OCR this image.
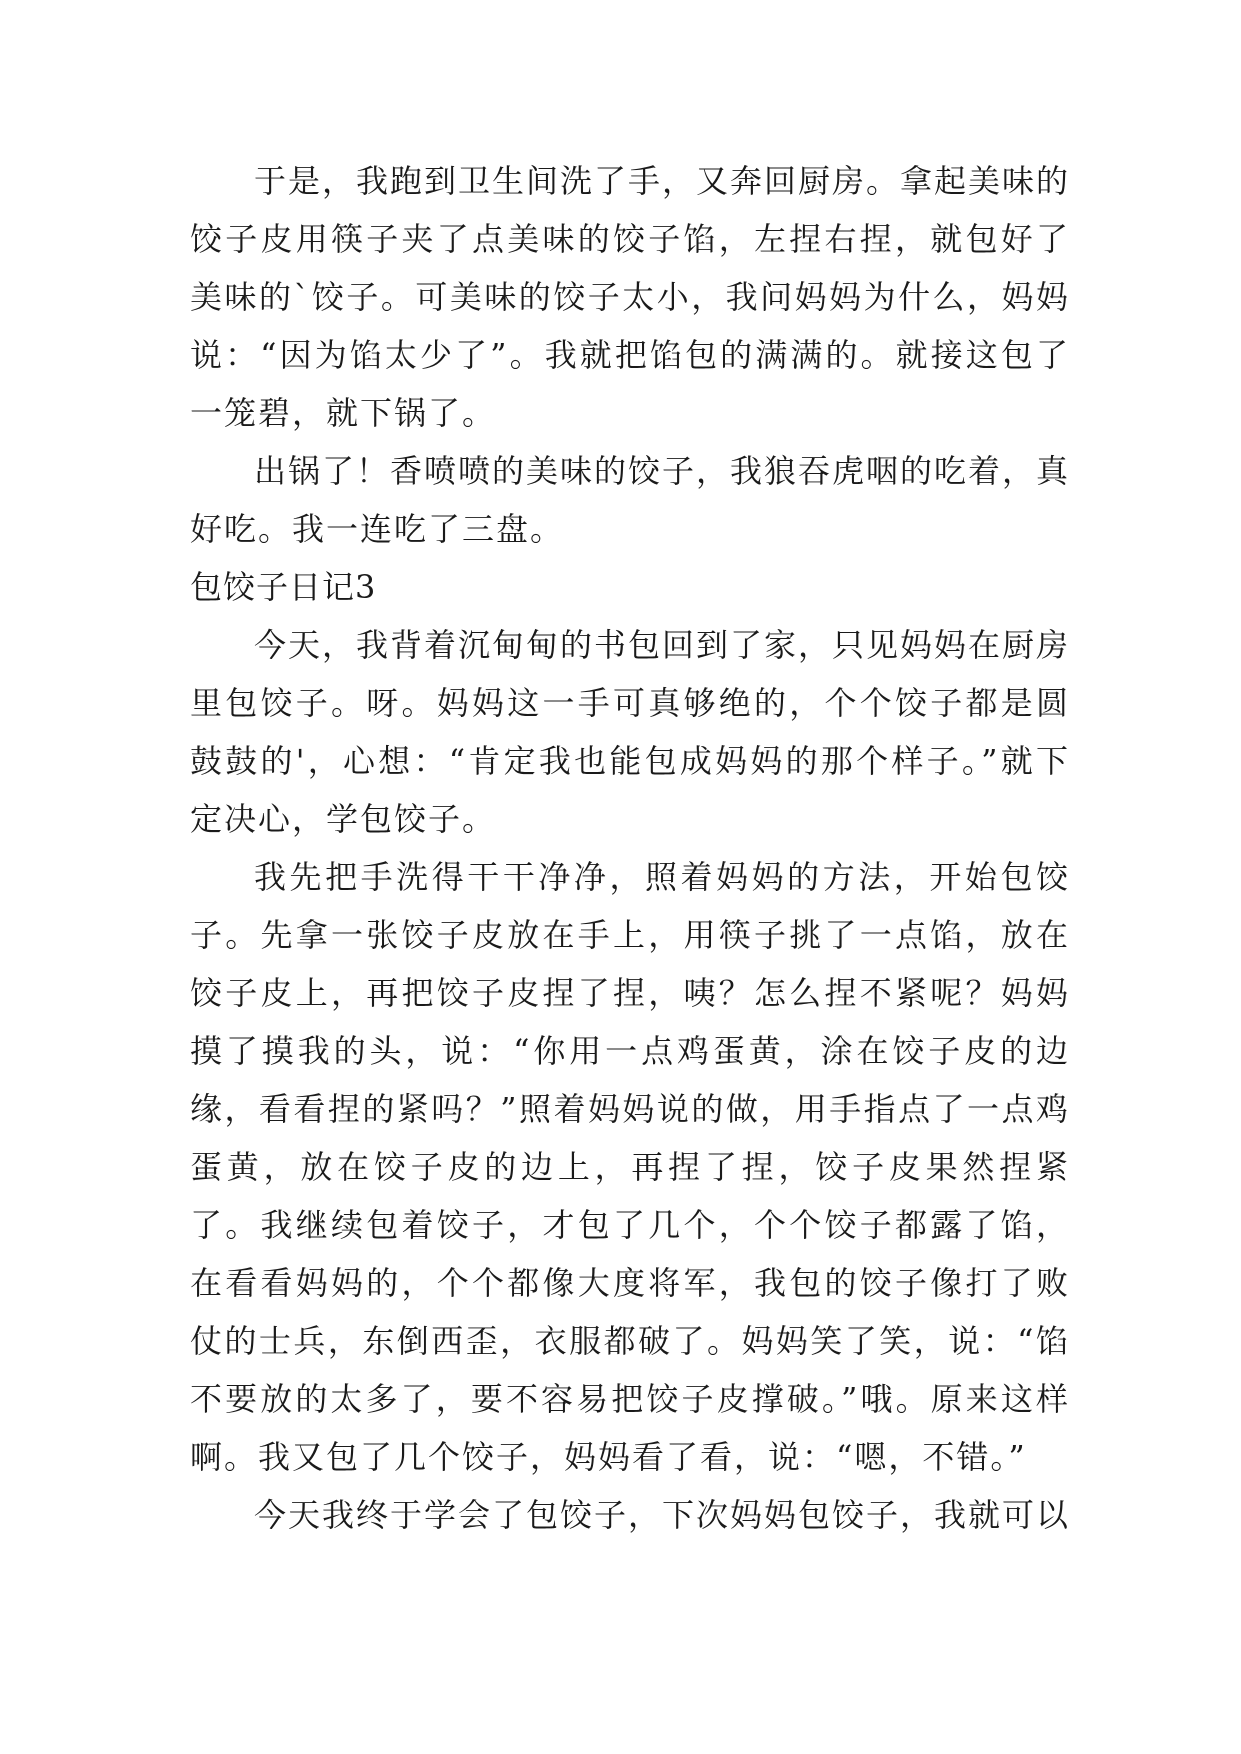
于是，我跑到卫生间洗了手，又奔回厨房。拿起美味的饺子皮用筷子夹了点美味的饺子馅，左捏右捏，就包好了美味的`饺子。可美味的饺子太小，我问妈妈为什么，妈妈说：“因为馅太少了”。我就把馅包的满满的。就接这包了一笼碧，就下锅了。

出锅了！香喷喷的美味的饺子，我狼吞虎咽的吃着，真好吃。我一连吃了三盘。

包饺子日记3

今天，我背着沉甸甸的书包回到了家，只见妈妈在厨房里包饺子。呀。妈妈这一手可真够绝的，个个饺子都是圆鼓鼓的'，心想：“肯定我也能包成妈妈的那个样子。”就下定决心，学包饺子。

我先把手洗得干干净净，照着妈妈的方法，开始包饺子。先拿一张饺子皮放在手上，用筷子挑了一点馅，放在饺子皮上，再把饺子皮捏了捏，咦？怎么捏不紧呢？妈妈摸了摸我的头，说：“你用一点鸡蛋黄，涂在饺子皮的边缘，看看捏的紧吗？”照着妈妈说的做，用手指点了一点鸡蛋黄，放在饺子皮的边上，再捏了捏，饺子皮果然捏紧了。我继续包着饺子，才包了几个，个个饺子都露了馅，在看看妈妈的，个个都像大度将军，我包的饺子像打了败仗的士兵，东倒西歪，衣服都破了。妈妈笑了笑，说：“馅不要放的太多了，要不容易把饺子皮撑破。”哦。原来这样啊。我又包了几个饺子，妈妈看了看，说：“嗯，不错。”

今天我终于学会了包饺子，下次妈妈包饺子，我就可以
